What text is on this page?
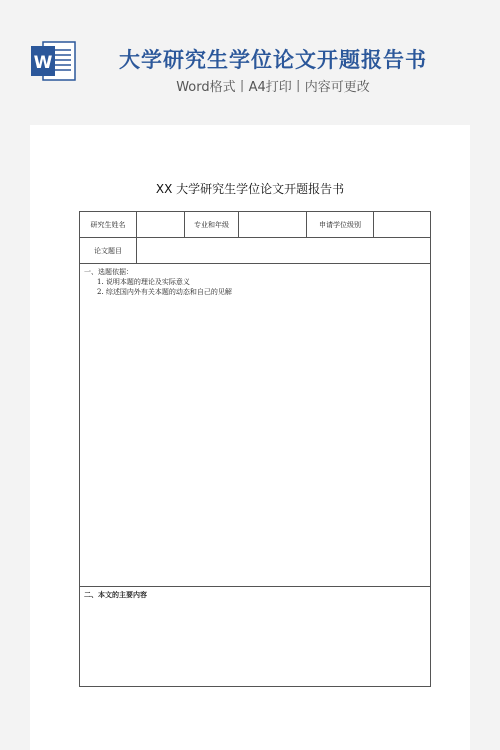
W	大学研究生学位论文开题报告书
Word格式丨A4打印丨内容可更改
XX 大学研究生学位论文开题报告书
研究生姓名	专业和年级	申请学位级别
论文题目
一、选题依据：
1. 说明本题的理论及实际意义
2. 综述国内外有关本题的动态和自己的见解
二、本文的主要内容
